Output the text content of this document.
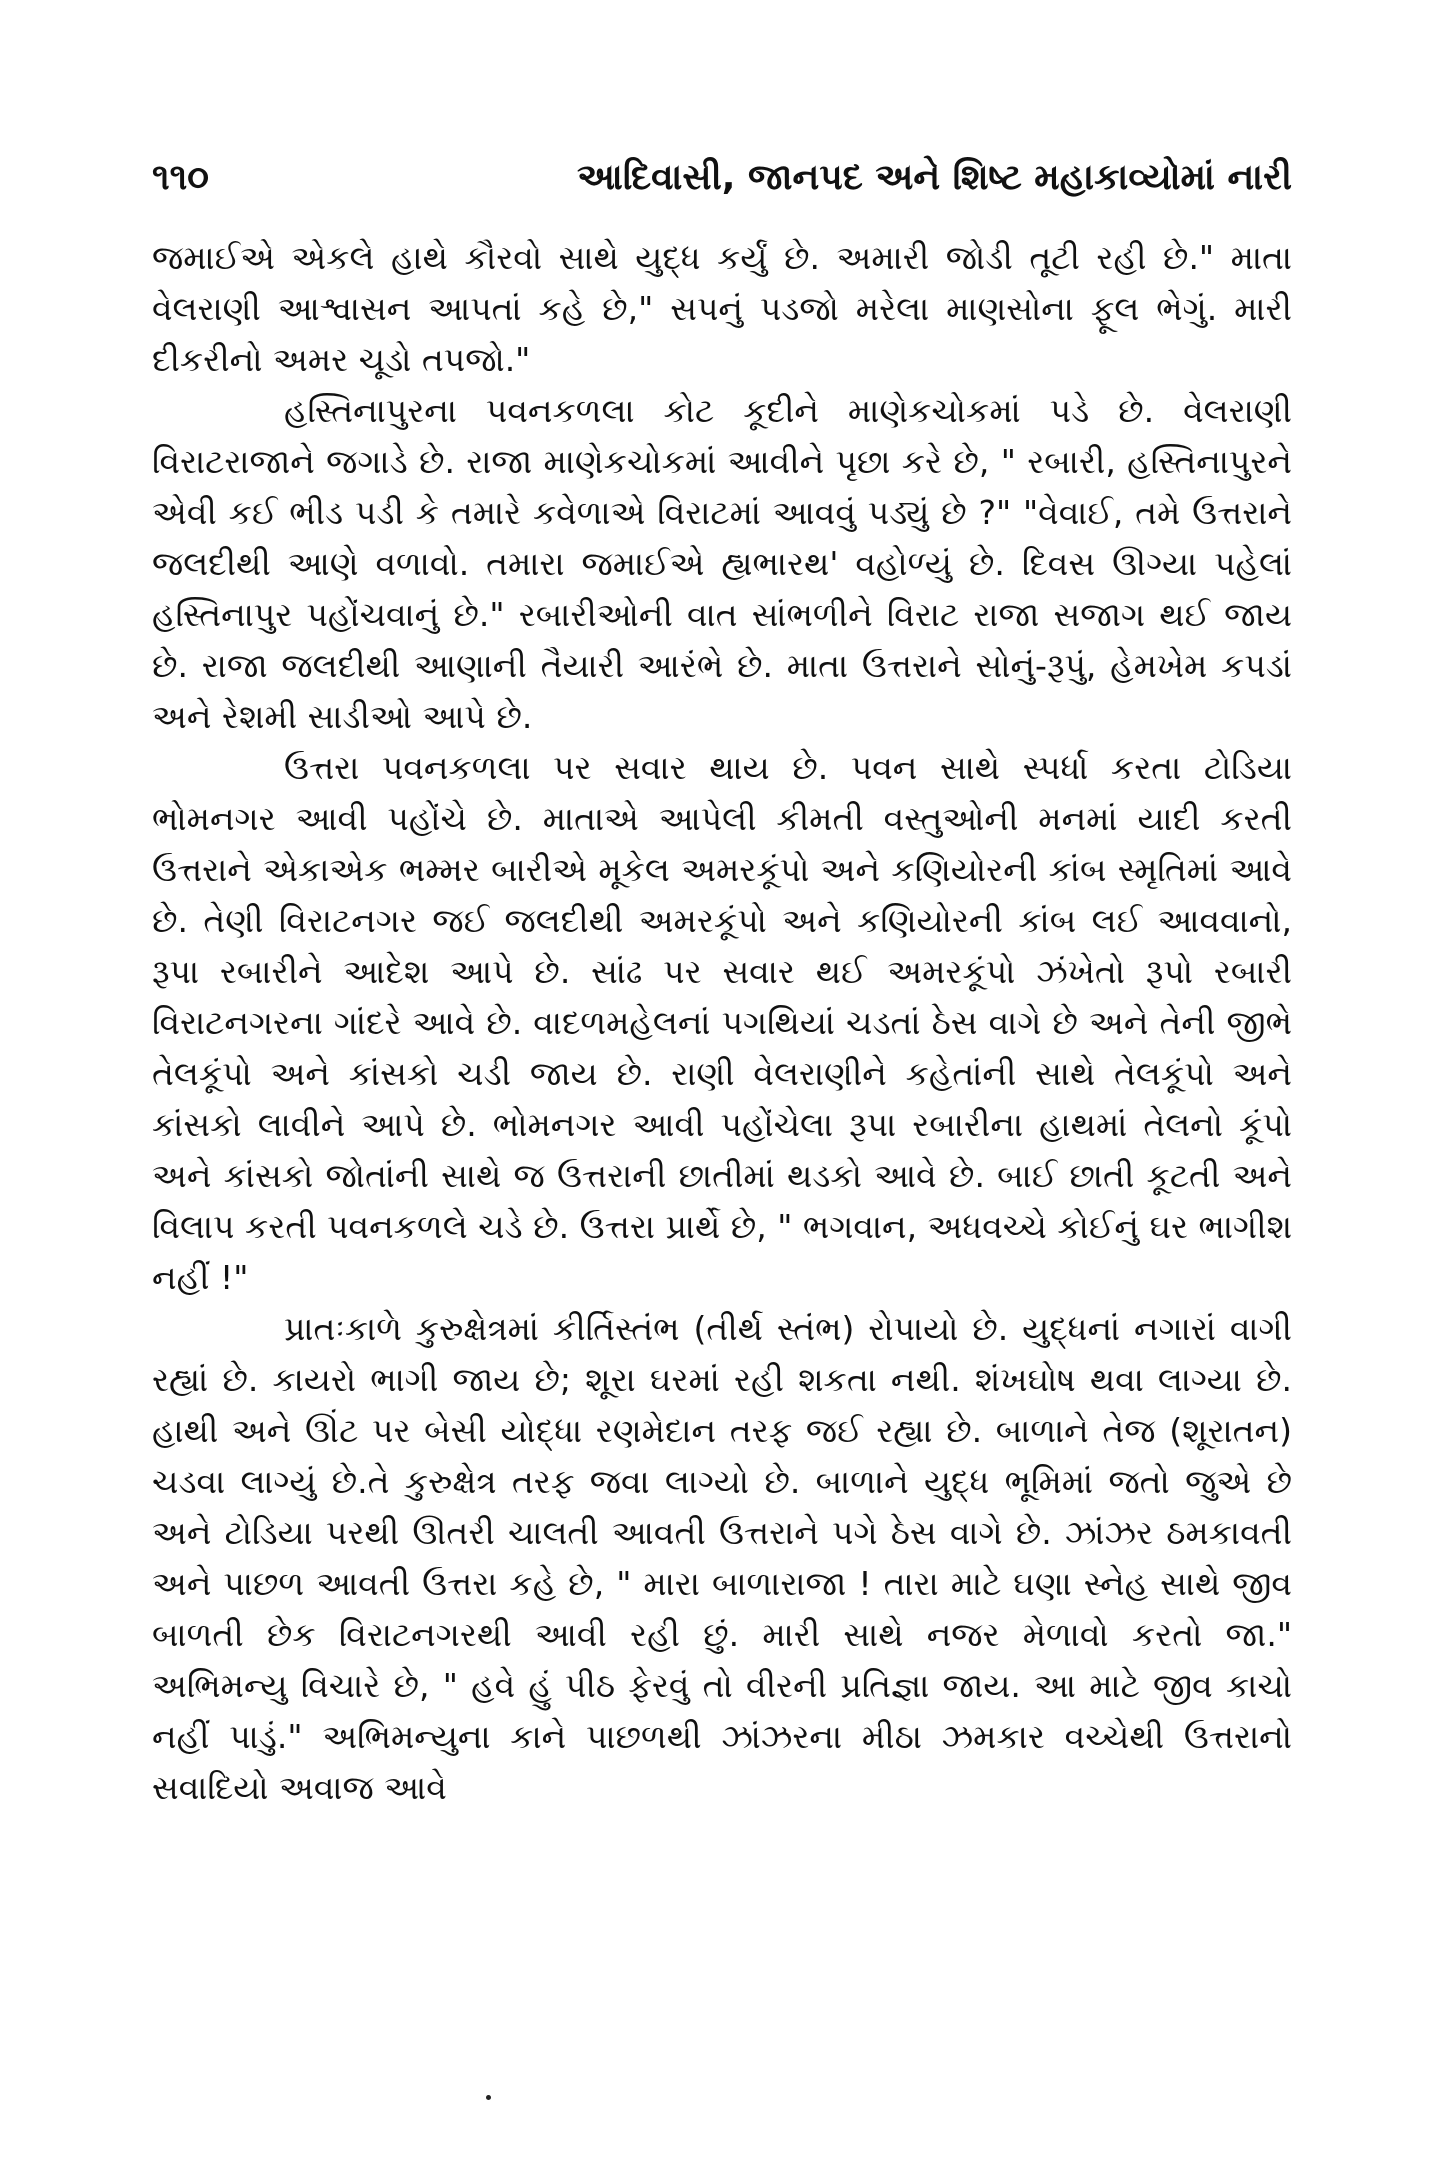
૧૧૦	આદિવાસી, જાનપદ અને શિષ્ટ મહાકાવ્યોમાં નારી

જમાઈએ એકલે હાથે કૌરવો સાથે યુદ્ધ કર્યું છે. અમારી જોડી તૂટી રહી છે." માતા વેલરાણી આશ્વાસન આપતાં કહે છે," સપનું પડજો મરેલા માણસોના ફૂલ ભેગું. મારી દીકરીનો અમર ચૂડો તપજો."

હસ્તિનાપુરના પવનકળલા કોટ કૂદીને માણેકચોકમાં પડે છે. વેલરાણી વિરાટરાજાને જગાડે છે. રાજા માણેકચોકમાં આવીને પૃછા કરે છે, " રબારી, હસ્તિનાપુરને એવી કઈ ભીડ પડી કે તમારે કવેળાએ વિરાટમાં આવવું પડ્યું છે ?" "વેવાઈ, તમે ઉત્તરાને જલદીથી આણે વળાવો. તમારા જમાઈએ હ્યભારથ' વહોળ્યું છે. દિવસ ઊગ્યા પહેલાં હસ્તિનાપુર પહોંચવાનું છે." રબારીઓની વાત સાંભળીને વિરાટ રાજા સજાગ થઈ જાય છે. રાજા જલદીથી આણાની તૈયારી આરંભે છે. માતા ઉત્તરાને સોનું-રૂપું, હેમખેમ કપડાં અને રેશમી સાડીઓ આપે છે.

ઉત્તરા પવનકળલા પર સવાર થાય છે. પવન સાથે સ્પર્ધા કરતા ટોડિયા ભોમનગર આવી પહોંચે છે. માતાએ આપેલી કીમતી વસ્તુઓની મનમાં યાદી કરતી ઉત્તરાને એકાએક ભમ્મર બારીએ મૂકેલ અમરકૂંપો અને કણિયોરની કાંબ સ્મૃતિમાં આવે છે. તેણી વિરાટનગર જઈ જલદીથી અમરકૂંપો અને કણિયોરની કાંબ લઈ આવવાનો, રૂપા રબારીને આદેશ આપે છે. સાંઢ પર સવાર થઈ અમરકૂંપો ઝંખેતો રૂપો રબારી વિરાટનગરના ગાંદરે આવે છે. વાદળમહેલનાં પગથિયાં ચડતાં ઠેસ વાગે છે અને તેની જીભે તેલકૂંપો અને કાંસકો ચડી જાય છે. રાણી વેલરાણીને કહેતાંની સાથે તેલકૂંપો અને કાંસકો લાવીને આપે છે. ભોમનગર આવી પહોંચેલા રૂપા રબારીના હાથમાં તેલનો કૂંપો અને કાંસકો જોતાંની સાથે જ ઉત્તરાની છાતીમાં થડકો આવે છે. બાઈ છાતી કૂટતી અને વિલાપ કરતી પવનકળલે ચડે છે. ઉત્તરા પ્રાર્થે છે, " ભગવાન, અધવચ્ચે કોઈનું ઘર ભાગીશ નહીં !"

પ્રાતઃકાળે કુરુક્ષેત્રમાં કીર્તિસ્તંભ (તીર્થ સ્તંભ) રોપાયો છે. યુદ્ધનાં નગારાં વાગી રહ્યાં છે. કાયરો ભાગી જાય છે; શૂરા ઘરમાં રહી શકતા નથી. શંખઘોષ થવા લાગ્યા છે. હાથી અને ઊંટ પર બેસી યોદ્ધા રણમેદાન તરફ જઈ રહ્યા છે. બાળાને તેજ (શૂરાતન) ચડવા લાગ્યું છે.તે કુરુક્ષેત્ર તરફ જવા લાગ્યો છે. બાળાને યુદ્ધ ભૂમિમાં જતો જુએ છે અને ટોડિયા પરથી ઊતરી ચાલતી આવતી ઉત્તરાને પગે ઠેસ વાગે છે. ઝાંઝર ઠમકાવતી અને પાછળ આવતી ઉત્તરા કહે છે, " મારા બાળારાજા ! તારા માટે ઘણા સ્નેહ સાથે જીવ બાળતી છેક વિરાટનગરથી આવી રહી છું. મારી સાથે નજર મેળાવો કરતો જા." અભિમન્યુ વિચારે છે, " હવે હું પીઠ ફેરવું તો વીરની પ્રતિજ્ઞા જાય. આ માટે જીવ કાચો નહીં પાડું." અભિમન્યુના કાને પાછળથી ઝાંઝરના મીઠા ઝમકાર વચ્ચેથી ઉત્તરાનો સવાદિયો અવાજ આવે
